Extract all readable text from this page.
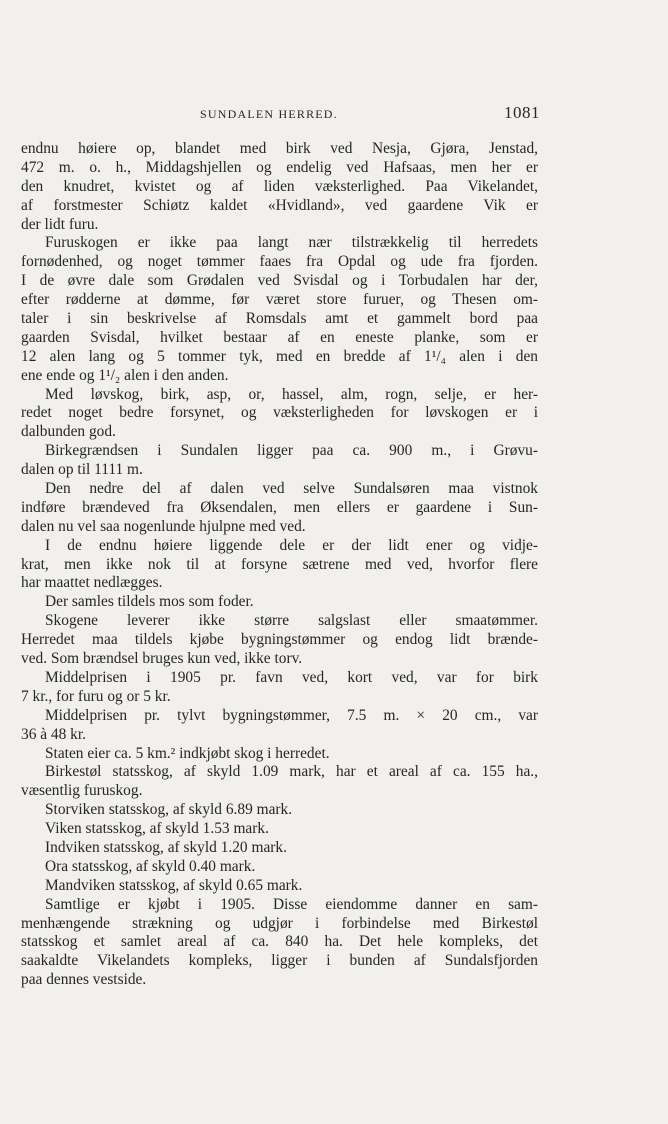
SUNDALEN HERRED.	1081
endnu høiere op, blandet med birk ved Nesja, Gjøra, Jenstad,
472 m. o. h., Middagshjellen og endelig ved Hafsaas, men her er
den knudret, kvistet og af liden væksterlighed. Paa Vikelandet,
af forstmester Schiøtz kaldet «Hvidland», ved gaardene Vik er
der lidt furu.
Furuskogen er ikke paa langt nær tilstrækkelig til herredets
fornødenhed, og noget tømmer faaes fra Opdal og ude fra fjorden.
I de øvre dale som Grødalen ved Svisdal og i Torbudalen har der,
efter rødderne at dømme, før været store furuer, og Thesen om-
taler i sin beskrivelse af Romsdals amt et gammelt bord paa
gaarden Svisdal, hvilket bestaar af en eneste planke, som er
12 alen lang og 5 tommer tyk, med en bredde af 1¹/₄ alen i den
ene ende og 1¹/₂ alen i den anden.
Med løvskog, birk, asp, or, hassel, alm, rogn, selje, er her-
redet noget bedre forsynet, og væksterligheden for løvskogen er i
dalbunden god.
Birkegrændsen i Sundalen ligger paa ca. 900 m., i Grøvu-
dalen op til 1111 m.
Den nedre del af dalen ved selve Sundalsøren maa vistnok
indføre brændeved fra Øksendalen, men ellers er gaardene i Sun-
dalen nu vel saa nogenlunde hjulpne med ved.
I de endnu høiere liggende dele er der lidt ener og vidje-
krat, men ikke nok til at forsyne sætrene med ved, hvorfor flere
har maattet nedlægges.
Der samles tildels mos som foder.
Skogene leverer ikke større salgslast eller smaatømmer.
Herredet maa tildels kjøbe bygningstømmer og endog lidt brænde-
ved. Som brændsel bruges kun ved, ikke torv.
Middelprisen i 1905 pr. favn ved, kort ved, var for birk
7 kr., for furu og or 5 kr.
Middelprisen pr. tylvt bygningstømmer, 7.5 m. × 20 cm., var
36 à 48 kr.
Staten eier ca. 5 km.² indkjøbt skog i herredet.
Birkestøl statsskog, af skyld 1.09 mark, har et areal af ca. 155 ha.,
væsentlig furuskog.
Storviken statsskog, af skyld 6.89 mark.
Viken statsskog, af skyld 1.53 mark.
Indviken statsskog, af skyld 1.20 mark.
Ora statsskog, af skyld 0.40 mark.
Mandviken statsskog, af skyld 0.65 mark.
Samtlige er kjøbt i 1905. Disse eiendomme danner en sam-
menhængende strækning og udgjør i forbindelse med Birkestøl
statsskog et samlet areal af ca. 840 ha. Det hele kompleks, det
saakaldte Vikelandets kompleks, ligger i bunden af Sundalsfjorden
paa dennes vestside.
